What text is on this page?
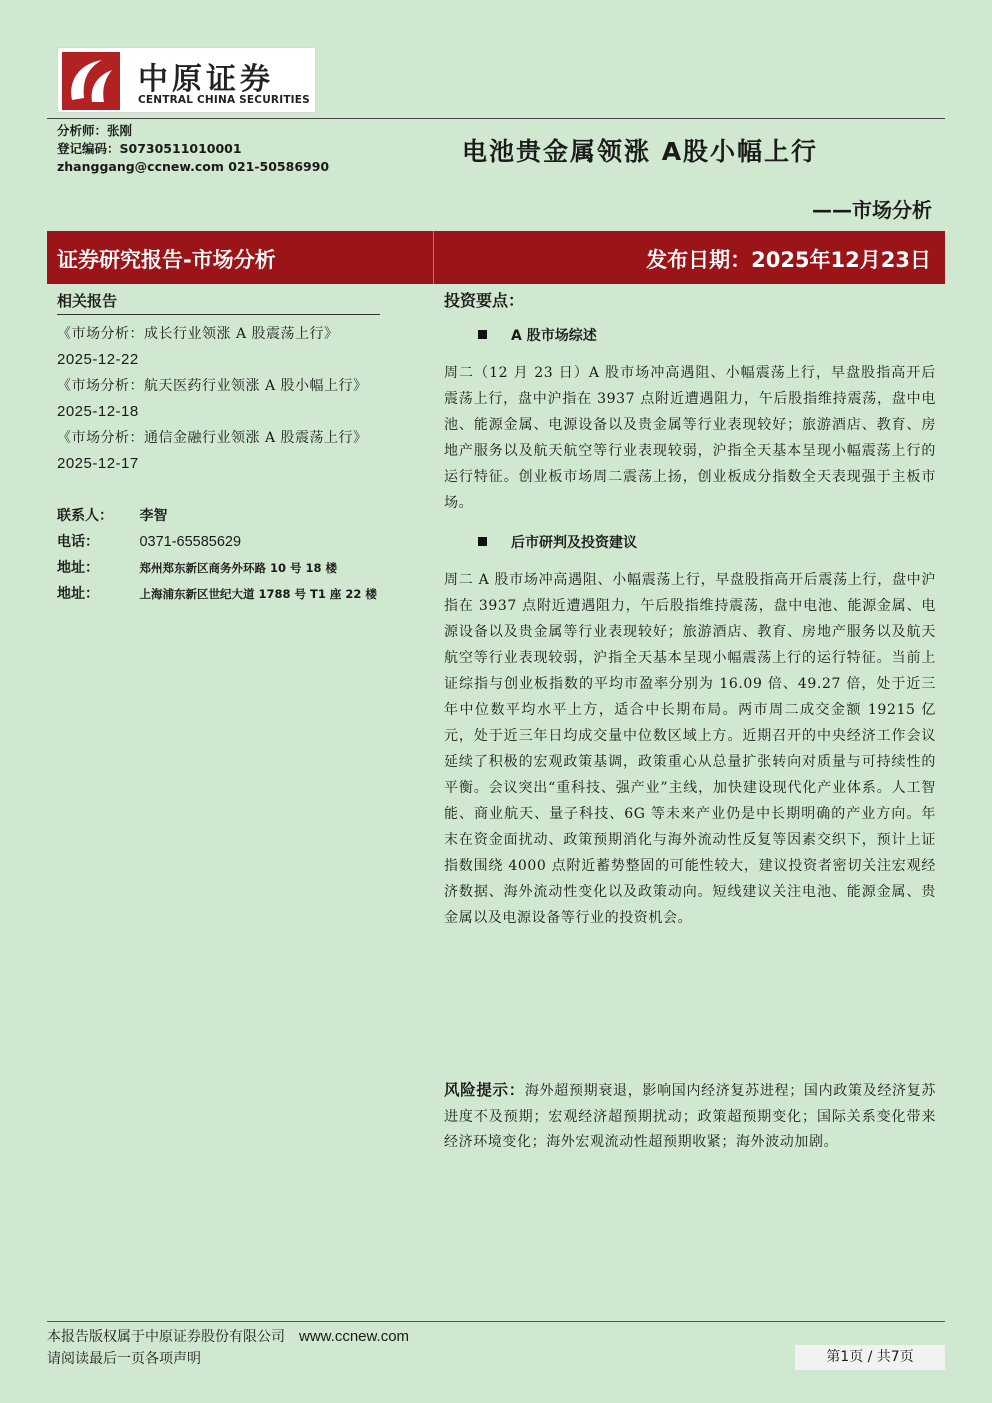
中原证券
CENTRAL CHINA SECURITIES
分析师：张刚
登记编码：S0730511010001
zhanggang@ccnew.com 021-50586990
电池贵金属领涨 A股小幅上行
——市场分析
证券研究报告-市场分析	发布日期：2025年12月23日
相关报告
《市场分析：成长行业领涨 A 股震荡上行》
2025-12-22
《市场分析：航天医药行业领涨 A 股小幅上行》 2025-12-18
《市场分析：通信金融行业领涨 A 股震荡上行》 2025-12-17
联系人： 李智
电话：	0371-65585629
地址：	郑州郑东新区商务外环路 10 号 18 楼
地址：	上海浦东新区世纪大道 1788 号 T1 座 22 楼
投资要点：
A 股市场综述
周二（12 月 23 日）A 股市场冲高遇阻、小幅震荡上行，早盘股指高开后震荡上行，盘中沪指在 3937 点附近遭遇阻力，午后股指维持震荡，盘中电池、能源金属、电源设备以及贵金属等行业表现较好；旅游酒店、教育、房地产服务以及航天航空等行业表现较弱，沪指全天基本呈现小幅震荡上行的运行特征。创业板市场周二震荡上扬，创业板成分指数全天表现强于主板市场。
后市研判及投资建议
周二 A 股市场冲高遇阻、小幅震荡上行，早盘股指高开后震荡上行，盘中沪指在 3937 点附近遭遇阻力，午后股指维持震荡，盘中电池、能源金属、电源设备以及贵金属等行业表现较好；旅游酒店、教育、房地产服务以及航天航空等行业表现较弱，沪指全天基本呈现小幅震荡上行的运行特征。当前上证综指与创业板指数的平均市盈率分别为 16.09 倍、49.27 倍，处于近三年中位数平均水平上方，适合中长期布局。两市周二成交金额 19215 亿元，处于近三年日均成交量中位数区域上方。近期召开的中央经济工作会议延续了积极的宏观政策基调，政策重心从总量扩张转向对质量与可持续性的平衡。会议突出“重科技、强产业”主线，加快建设现代化产业体系。人工智能、商业航天、量子科技、6G 等未来产业仍是中长期明确的产业方向。年末在资金面扰动、政策预期消化与海外流动性反复等因素交织下，预计上证指数围绕 4000 点附近蓄势整固的可能性较大，建议投资者密切关注宏观经济数据、海外流动性变化以及政策动向。短线建议关注电池、能源金属、贵金属以及电源设备等行业的投资机会。
风险提示：海外超预期衰退，影响国内经济复苏进程；国内政策及经济复苏进度不及预期；宏观经济超预期扰动；政策超预期变化；国际关系变化带来经济环境变化；海外宏观流动性超预期收紧；海外波动加剧。
本报告版权属于中原证券股份有限公司 www.ccnew.com
请阅读最后一页各项声明	第1页 / 共7页
